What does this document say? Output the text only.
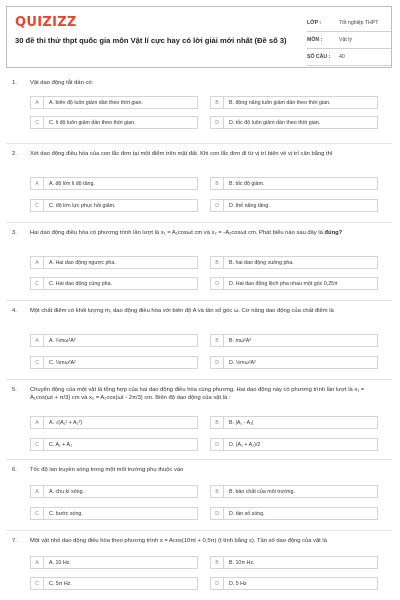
QUIZIZZ
30 đề thi thử thpt quốc gia môn Vật lí cực hay có lời giải mới nhất (Đề số 3)
LỚP :	Tốt nghiệp THPT
MÔN :	Vật lý
SỐ CÂU :	40
1.	Vật dao động tắt dần có:
A	A. biên độ luôn giảm dần theo thời gian.	B	B. động năng luôn giảm dần theo thời gian.
C	C. li độ luôn giảm dần theo thời gian.	D	D. tốc độ luôn giảm dần theo thời gian.
2.	Xét dao động điều hòa của con lắc đơn tại một điểm trên mặt đất. Khi con lắc đơn đi từ vị trí biên về vị trí cân bằng thì
A	A. độ lớn li độ tăng.	B	B. tốc độ giảm.
C	C. độ lớn lực phục hồi giảm.	D	D. thế năng tăng.
3.	Hai dao động điều hòa có phương trình lần lượt là x₁ = A₁cosωt cm và x₂ = -A₂cosωt cm. Phát biểu nào sau đây là đúng?
A	A. Hai dao động ngược pha.	B	B. hai dao động vuông pha.
C	C. Hai dao động cùng pha.	D	D. Hai dao động lệch pha nhau một góc 0,25π
4.	Một chất điểm có khối lượng m, dao động điều hòa với biên độ A và tần số góc ω. Cơ năng dao động của chất điểm là
A	A. ¼mω²A²	B	B. mω²A²
C	C. ⅓mω²A²	D	D. ½mω²A²
5.	Chuyển động của một vật là tổng hợp của hai dao động điều hòa cùng phương. Hai dao động này có phương trình lần lượt là x₁ = A₁cos(ωt + π/3) cm và x₂ = A₂cos(ωt - 2π/3) cm. Biên độ dao động của vật là :
A	A. √(A₁² + A₂²)	B	B. |A₁ - A₂|
C	C. A₁ + A₂	D	D. (A₁ + A₂)/2
6.	Tốc độ lan truyền sóng trong một môi trường phụ thuộc vào
A	A. chu kì sóng.	B	B. bản chất của môi trường.
C	C. bước sóng.	D	D. tần số sóng.
7.	Một vật nhỏ dao động điều hòa theo phương trình x = Acos(10πt + 0,5π) (t tính bằng s). Tần số dao động của vật là
A	A. 10 Hz.	B	B. 10π Hz.
C	C. 5π Hz.	D	D. 5 Hz
